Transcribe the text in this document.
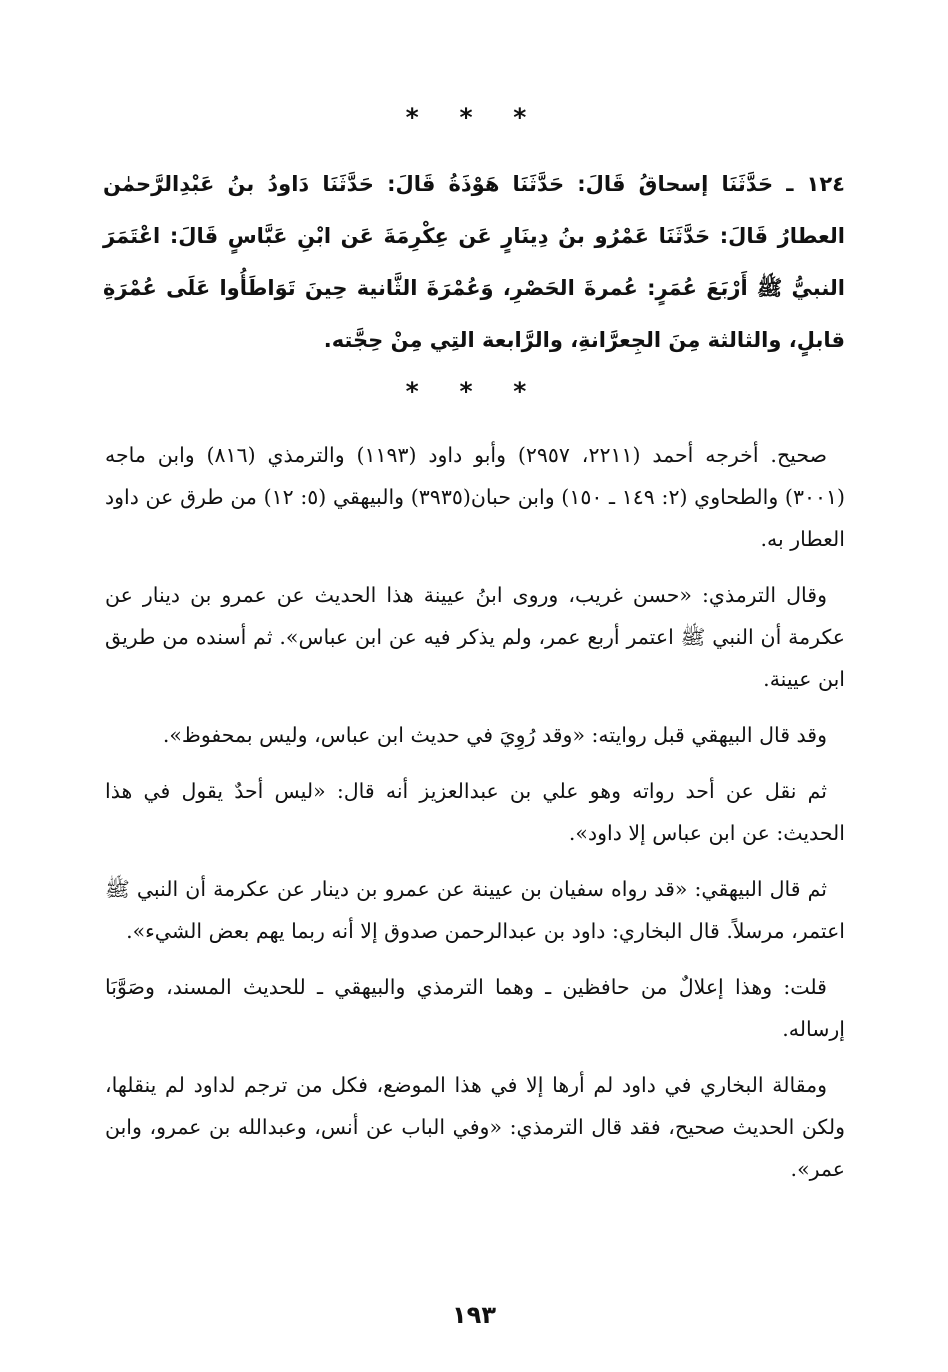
* * *

١٢٤ ـ حَدَّثَنَا إسحاقُ قَالَ: حَدَّثَنَا هَوْذَةُ قَالَ: حَدَّثَنَا دَاودُ بنُ عَبْدِالرَّحمٰن العطارُ قَالَ: حَدَّثَنَا عَمْرُو بنُ دِينَارٍ عَن عِكْرِمَةَ عَن ابْنِ عَبَّاسٍ قَالَ: اعْتَمَرَ النبيُّ ﷺ أَرْبَعَ عُمَرٍ: عُمرةَ الحَصْرِ، وَعُمْرَةَ الثَّانية حِينَ تَوَاطَأُوا عَلَى عُمْرَةِ قابلٍ، والثالثة مِنَ الجِعرَّانةِ، والرَّابعة التِي مِنْ حِجَّته.

* * *

صحيح. أخرجه أحمد (٢٢١١، ٢٩٥٧) وأبو داود (١١٩٣) والترمذي (٨١٦) وابن ماجه (٣٠٠١) والطحاوي (٢: ١٤٩ ـ ١٥٠) وابن حبان(٣٩٣٥) والبيهقي (٥: ١٢) من طرق عن داود العطار به.

وقال الترمذي: «حسن غريب، وروى ابنُ عيينة هذا الحديث عن عمرو بن دينار عن عكرمة أن النبي ﷺ اعتمر أربع عمر، ولم يذكر فيه عن ابن عباس». ثم أسنده من طريق ابن عيينة.

وقد قال البيهقي قبل روايته: «وقد رُوِيَ في حديث ابن عباس، وليس بمحفوظ».

ثم نقل عن أحد رواته وهو علي بن عبدالعزيز أنه قال: «ليس أحدٌ يقول في هذا الحديث: عن ابن عباس إلا داود».

ثم قال البيهقي: «قد رواه سفيان بن عيينة عن عمرو بن دينار عن عكرمة أن النبي ﷺ اعتمر، مرسلاً. قال البخاري: داود بن عبدالرحمن صدوق إلا أنه ربما يهم بعض الشيء».

قلت: وهذا إعلالٌ من حافظين ـ وهما الترمذي والبيهقي ـ للحديث المسند، وصَوَّبَا إرساله.

ومقالة البخاري في داود لم أرها إلا في هذا الموضع، فكل من ترجم لداود لم ينقلها، ولكن الحديث صحيح، فقد قال الترمذي: «وفي الباب عن أنس، وعبدالله بن عمرو، وابن عمر».

١٩٣
